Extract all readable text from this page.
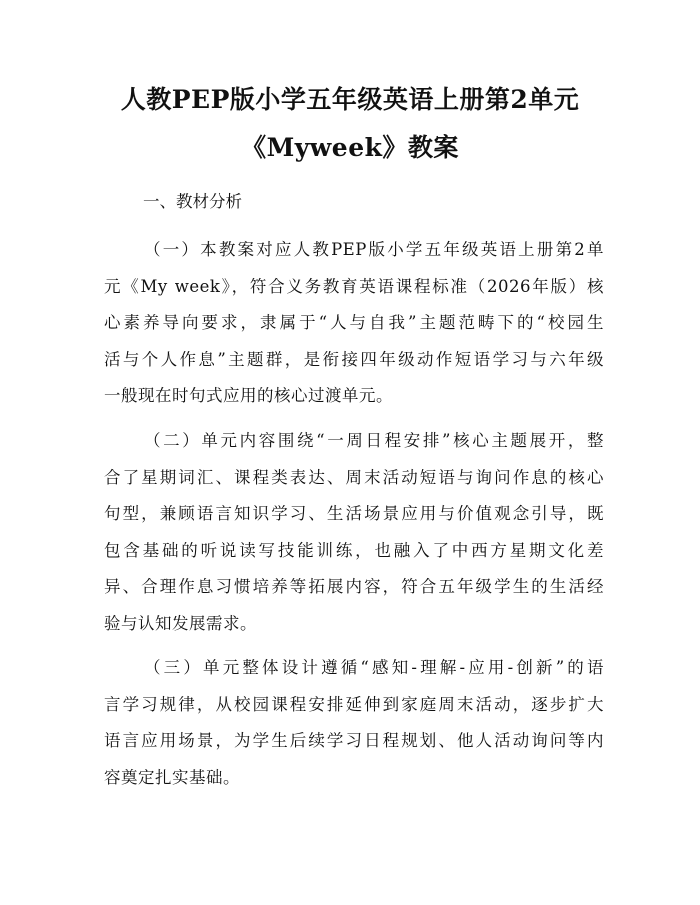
人教PEP版小学五年级英语上册第2单元
《Myweek》教案
一、教材分析
（一）本教案对应人教PEP版小学五年级英语上册第2单
元《My week》，符合义务教育英语课程标准（2026年版）核
心素养导向要求，隶属于“人与自我”主题范畴下的“校园生
活与个人作息”主题群，是衔接四年级动作短语学习与六年级
一般现在时句式应用的核心过渡单元。
（二）单元内容围绕“一周日程安排”核心主题展开，整
合了星期词汇、课程类表达、周末活动短语与询问作息的核心
句型，兼顾语言知识学习、生活场景应用与价值观念引导，既
包含基础的听说读写技能训练，也融入了中西方星期文化差
异、合理作息习惯培养等拓展内容，符合五年级学生的生活经
验与认知发展需求。
（三）单元整体设计遵循“感知-理解-应用-创新”的语
言学习规律，从校园课程安排延伸到家庭周末活动，逐步扩大
语言应用场景，为学生后续学习日程规划、他人活动询问等内
容奠定扎实基础。
